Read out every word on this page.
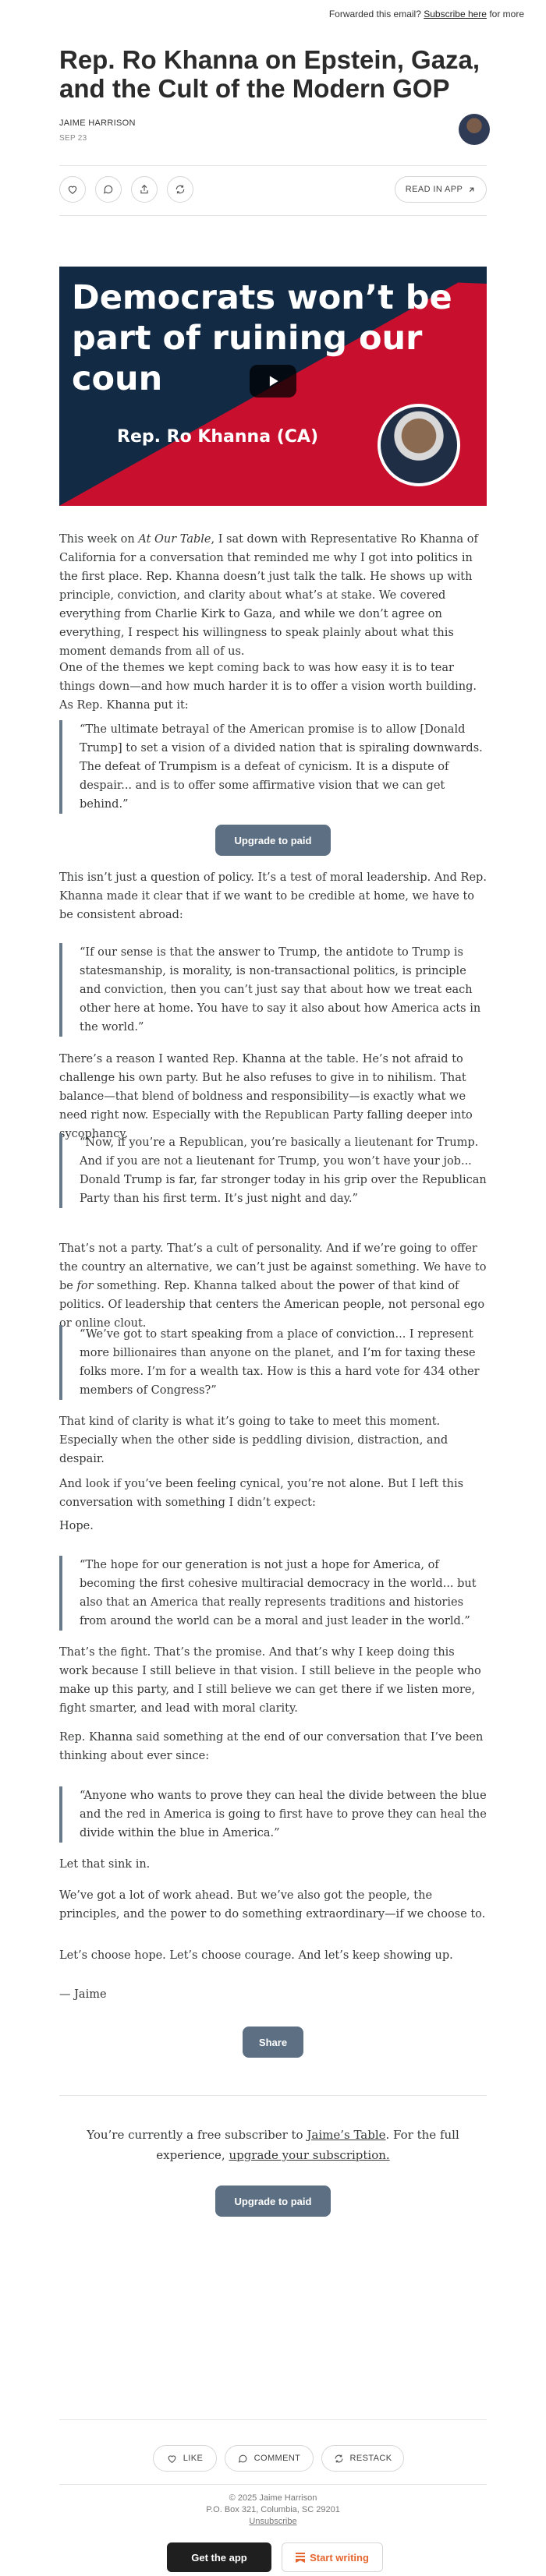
Forwarded this email? Subscribe here for more
Rep. Ro Khanna on Epstein, Gaza, and the Cult of the Modern GOP
JAIME HARRISON
SEP 23
READ IN APP
Democrats won’t be part of ruining our coun
Rep. Ro Khanna (CA)

This week on At Our Table, I sat down with Representative Ro Khanna of California for a conversation that reminded me why I got into politics in the first place. Rep. Khanna doesn’t just talk the talk. He shows up with principle, conviction, and clarity about what’s at stake. We covered everything from Charlie Kirk to Gaza, and while we don’t agree on everything, I respect his willingness to speak plainly about what this moment demands from all of us.

One of the themes we kept coming back to was how easy it is to tear things down—and how much harder it is to offer a vision worth building. As Rep. Khanna put it:

“The ultimate betrayal of the American promise is to allow [Donald Trump] to set a vision of a divided nation that is spiraling downwards. The defeat of Trumpism is a defeat of cynicism. It is a dispute of despair... and is to offer some affirmative vision that we can get behind.”

Upgrade to paid

This isn’t just a question of policy. It’s a test of moral leadership. And Rep. Khanna made it clear that if we want to be credible at home, we have to be consistent abroad:

“If our sense is that the answer to Trump, the antidote to Trump is statesmanship, is morality, is non-transactional politics, is principle and conviction, then you can’t just say that about how we treat each other here at home. You have to say it also about how America acts in the world.”

There’s a reason I wanted Rep. Khanna at the table. He’s not afraid to challenge his own party. But he also refuses to give in to nihilism. That balance—that blend of boldness and responsibility—is exactly what we need right now. Especially with the Republican Party falling deeper into sycophancy.

“Now, if you’re a Republican, you’re basically a lieutenant for Trump. And if you are not a lieutenant for Trump, you won’t have your job... Donald Trump is far, far stronger today in his grip over the Republican Party than his first term. It’s just night and day.”

That’s not a party. That’s a cult of personality. And if we’re going to offer the country an alternative, we can’t just be against something. We have to be for something. Rep. Khanna talked about the power of that kind of politics. Of leadership that centers the American people, not personal ego or online clout.

“We’ve got to start speaking from a place of conviction... I represent more billionaires than anyone on the planet, and I’m for taxing these folks more. I’m for a wealth tax. How is this a hard vote for 434 other members of Congress?”

That kind of clarity is what it’s going to take to meet this moment. Especially when the other side is peddling division, distraction, and despair.

And look if you’ve been feeling cynical, you’re not alone. But I left this conversation with something I didn’t expect:

Hope.

“The hope for our generation is not just a hope for America, of becoming the first cohesive multiracial democracy in the world... but also that an America that really represents traditions and histories from around the world can be a moral and just leader in the world.”

That’s the fight. That’s the promise. And that’s why I keep doing this work because I still believe in that vision. I still believe in the people who make up this party, and I still believe we can get there if we listen more, fight smarter, and lead with moral clarity.

Rep. Khanna said something at the end of our conversation that I’ve been thinking about ever since:

“Anyone who wants to prove they can heal the divide between the blue and the red in America is going to first have to prove they can heal the divide within the blue in America.”

Let that sink in.

We’ve got a lot of work ahead. But we’ve also got the people, the principles, and the power to do something extraordinary—if we choose to.

Let’s choose hope. Let’s choose courage. And let’s keep showing up.

— Jaime

Share
You’re currently a free subscriber to Jaime’s Table. For the full experience, upgrade your subscription.
Upgrade to paid
LIKE	COMMENT	RESTACK
© 2025 Jaime Harrison
P.O. Box 321, Columbia, SC 29201
Unsubscribe
Get the app	Start writing
